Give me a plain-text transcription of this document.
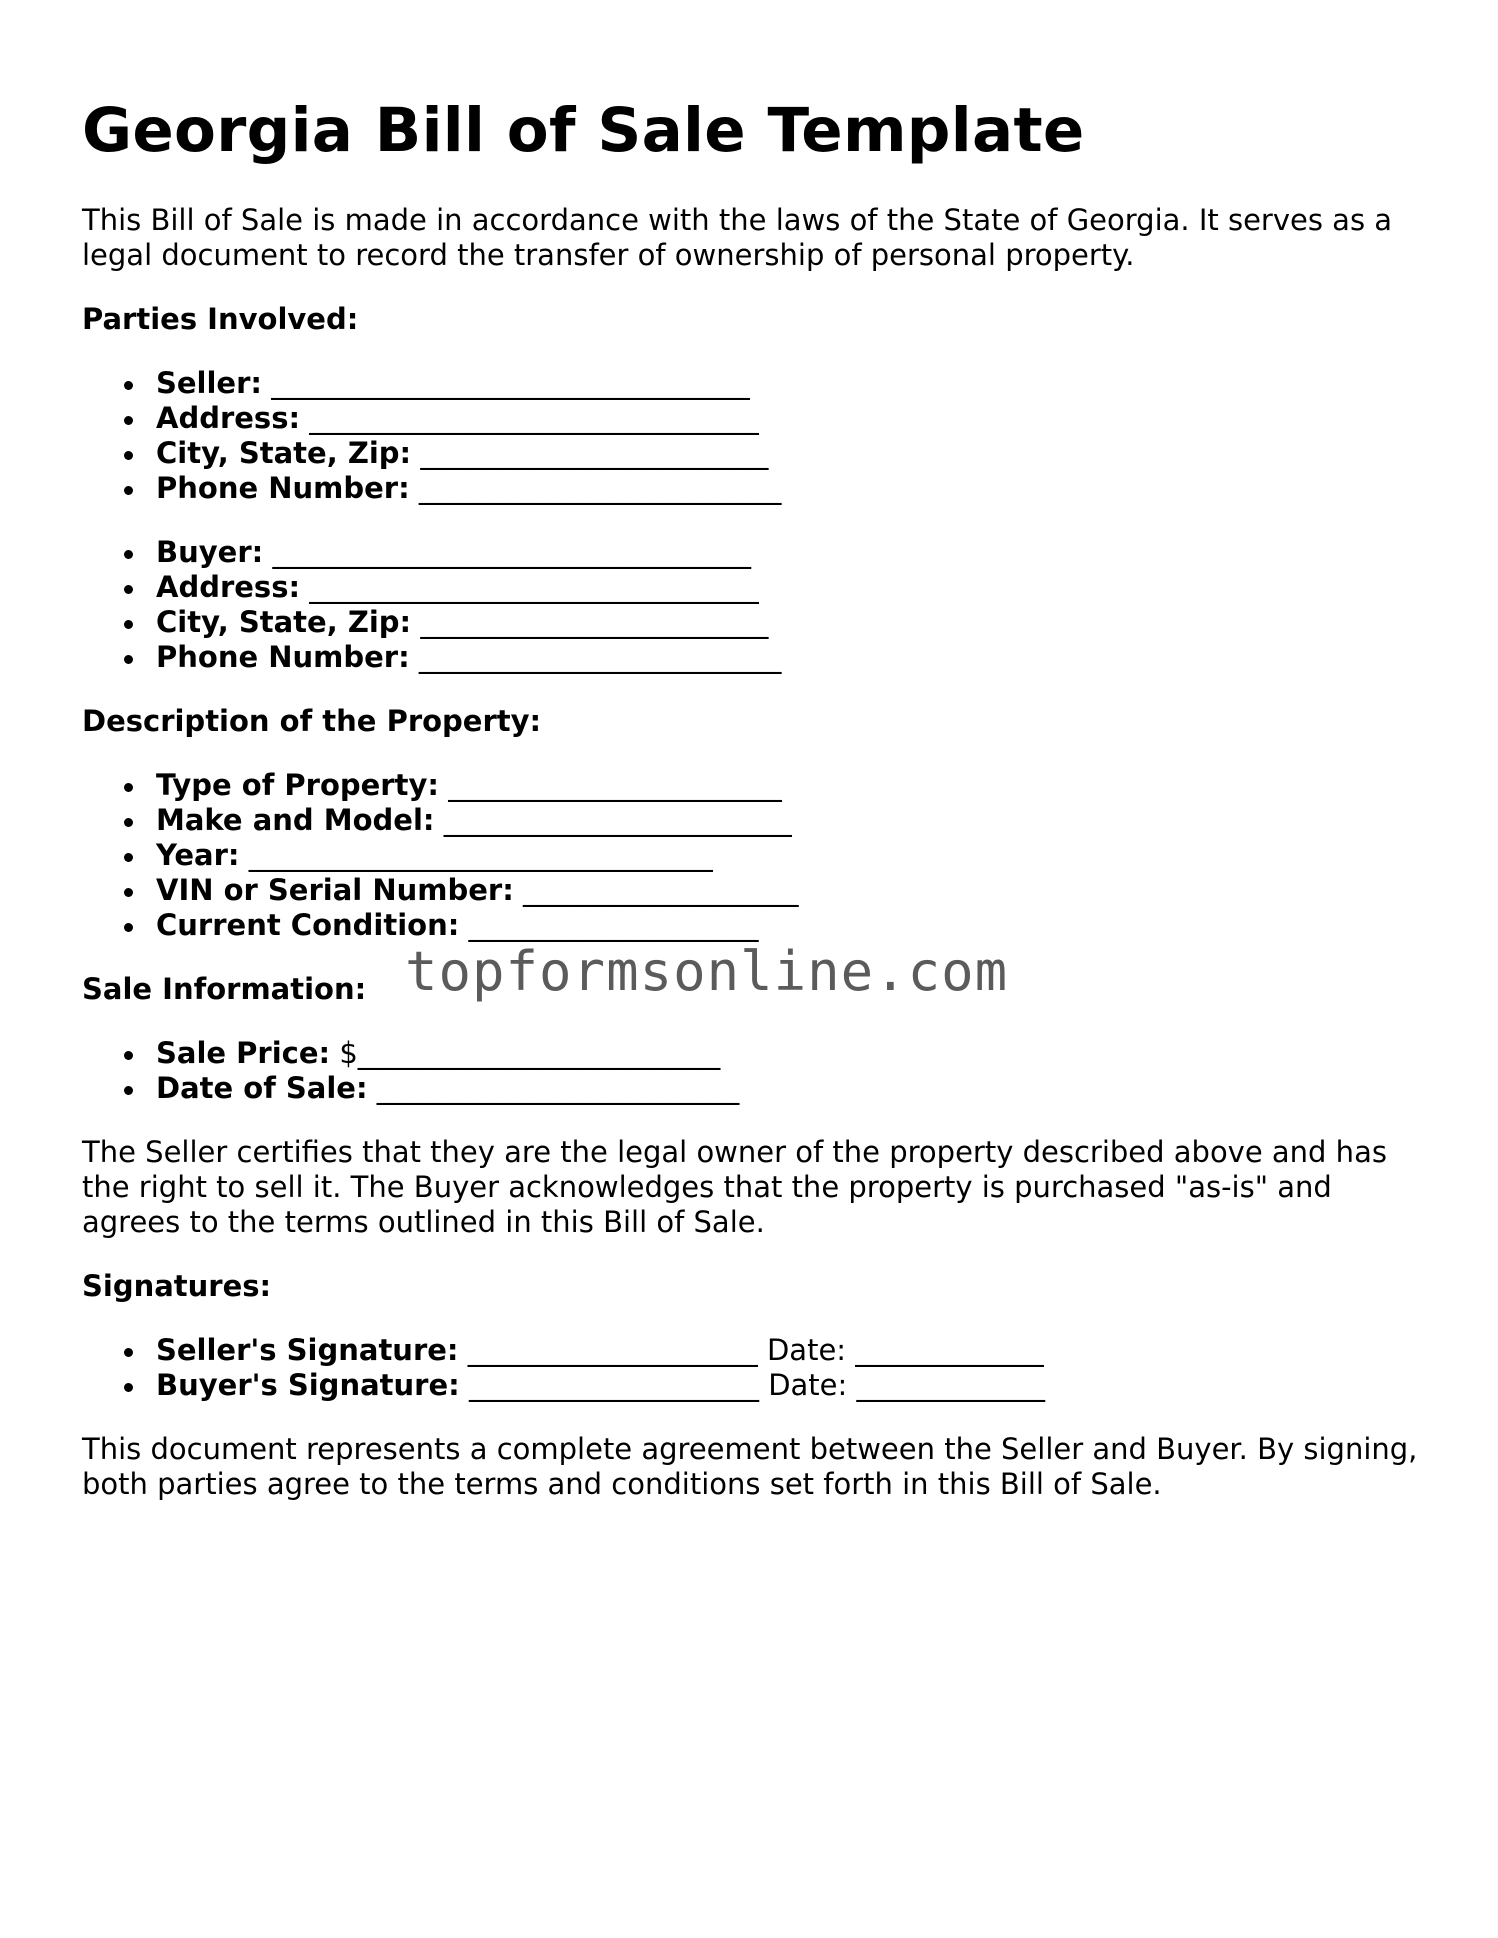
Georgia Bill of Sale Template

This Bill of Sale is made in accordance with the laws of the State of Georgia. It serves as a legal document to record the transfer of ownership of personal property.

Parties Involved:
Seller: _________________________________
Address: _______________________________
City, State, Zip: ________________________
Phone Number: _________________________
Buyer: _________________________________
Address: _______________________________
City, State, Zip: ________________________
Phone Number: _________________________
Description of the Property:
Type of Property: _______________________
Make and Model: ________________________
Year: ________________________________
VIN or Serial Number: ___________________
Current Condition: ____________________
Sale Information:
Sale Price: $_________________________
Date of Sale: _________________________

The Seller certifies that they are the legal owner of the property described above and has the right to sell it. The Buyer acknowledges that the property is purchased "as-is" and agrees to the terms outlined in this Bill of Sale.

Signatures:
Seller's Signature: ____________________ Date: _____________
Buyer's Signature: ____________________ Date: _____________

This document represents a complete agreement between the Seller and Buyer. By signing, both parties agree to the terms and conditions set forth in this Bill of Sale.

topformsonline.com
